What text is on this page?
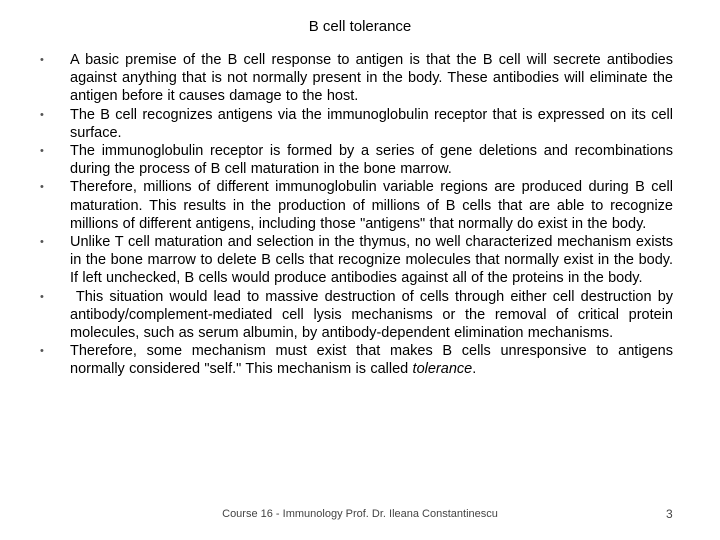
B cell tolerance
• A basic premise of the B cell response to antigen is that the B cell will secrete antibodies against anything that is not normally present in the body. These antibodies will eliminate the antigen before it causes damage to the host.
• The B cell recognizes antigens via the immunoglobulin receptor that is expressed on its cell surface.
• The immunoglobulin receptor is formed by a series of gene deletions and recombinations during the process of B cell maturation in the bone marrow.
• Therefore, millions of different immunoglobulin variable regions are produced during B cell maturation. This results in the production of millions of B cells that are able to recognize millions of different antigens, including those "antigens" that normally do exist in the body.
• Unlike T cell maturation and selection in the thymus, no well characterized mechanism exists in the bone marrow to delete B cells that recognize molecules that normally exist in the body. If left unchecked, B cells would produce antibodies against all of the proteins in the body.
• This situation would lead to massive destruction of cells through either cell destruction by antibody/complement-mediated cell lysis mechanisms or the removal of critical protein molecules, such as serum albumin, by antibody-dependent elimination mechanisms.
• Therefore, some mechanism must exist that makes B cells unresponsive to antigens normally considered "self." This mechanism is called tolerance.
Course 16 - Immunology Prof. Dr. Ileana Constantinescu	3
